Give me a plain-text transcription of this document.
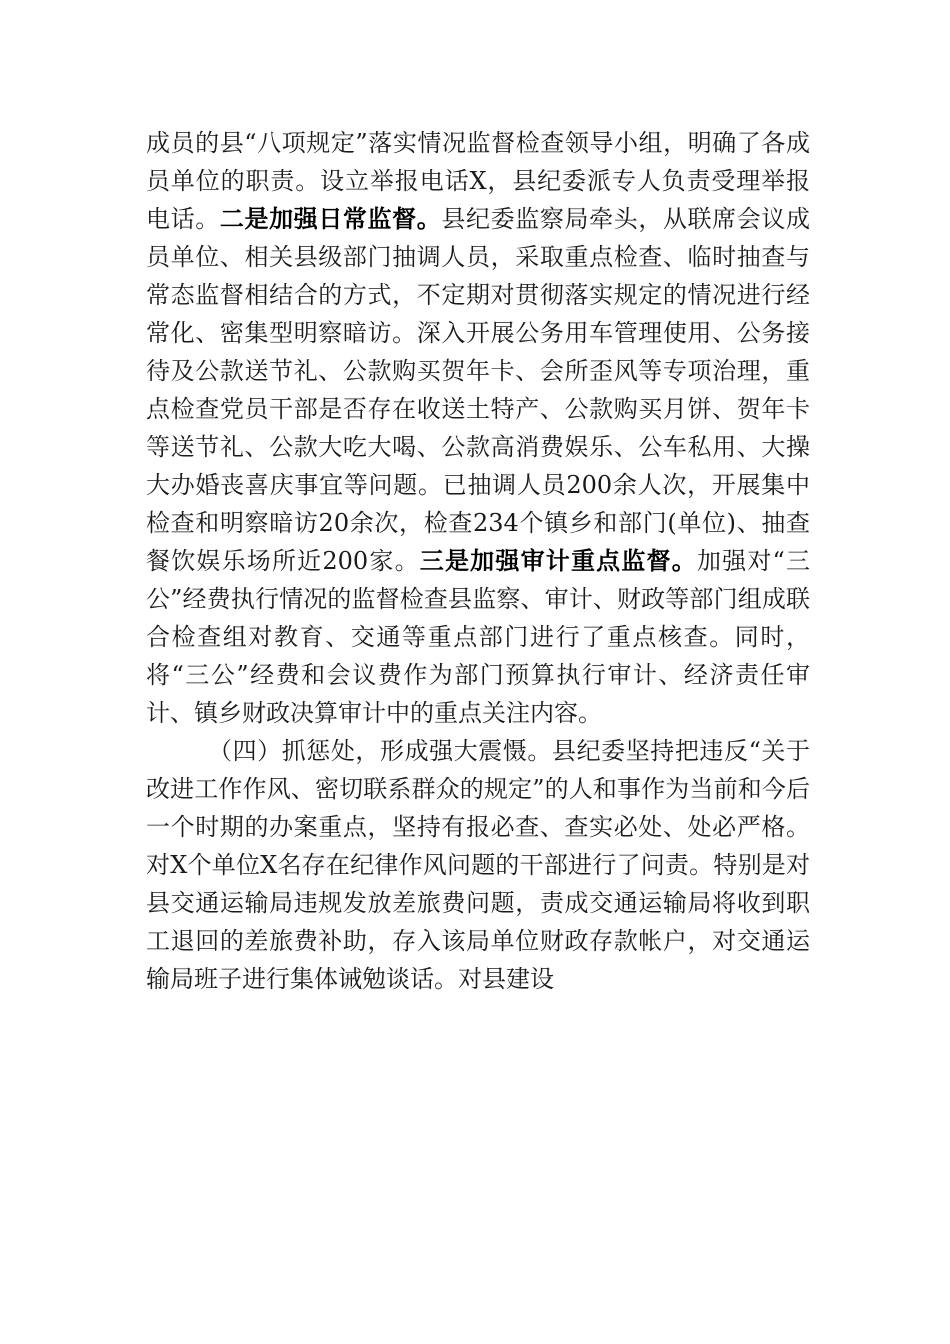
成员的县“八项规定”落实情况监督检查领导小组，明确了各成员单位的职责。设立举报电话X，县纪委派专人负责受理举报电话。二是加强日常监督。县纪委监察局牵头，从联席会议成员单位、相关县级部门抽调人员，采取重点检查、临时抽查与常态监督相结合的方式，不定期对贯彻落实规定的情况进行经常化、密集型明察暗访。深入开展公务用车管理使用、公务接待及公款送节礼、公款购买贺年卡、会所歪风等专项治理，重点检查党员干部是否存在收送土特产、公款购买月饼、贺年卡等送节礼、公款大吃大喝、公款高消费娱乐、公车私用、大操大办婚丧喜庆事宜等问题。已抽调人员200余人次，开展集中检查和明察暗访20余次，检查234个镇乡和部门(单位)、抽查餐饮娱乐场所近200家。三是加强审计重点监督。加强对“三公”经费执行情况的监督检查县监察、审计、财政等部门组成联合检查组对教育、交通等重点部门进行了重点核查。同时，将“三公”经费和会议费作为部门预算执行审计、经济责任审计、镇乡财政决算审计中的重点关注内容。

（四）抓惩处，形成强大震慑。县纪委坚持把违反“关于改进工作作风、密切联系群众的规定”的人和事作为当前和今后一个时期的办案重点，坚持有报必查、查实必处、处必严格。对X个单位X名存在纪律作风问题的干部进行了问责。特别是对县交通运输局违规发放差旅费问题，责成交通运输局将收到职工退回的差旅费补助，存入该局单位财政存款帐户，对交通运输局班子进行集体诫勉谈话。对县建设
